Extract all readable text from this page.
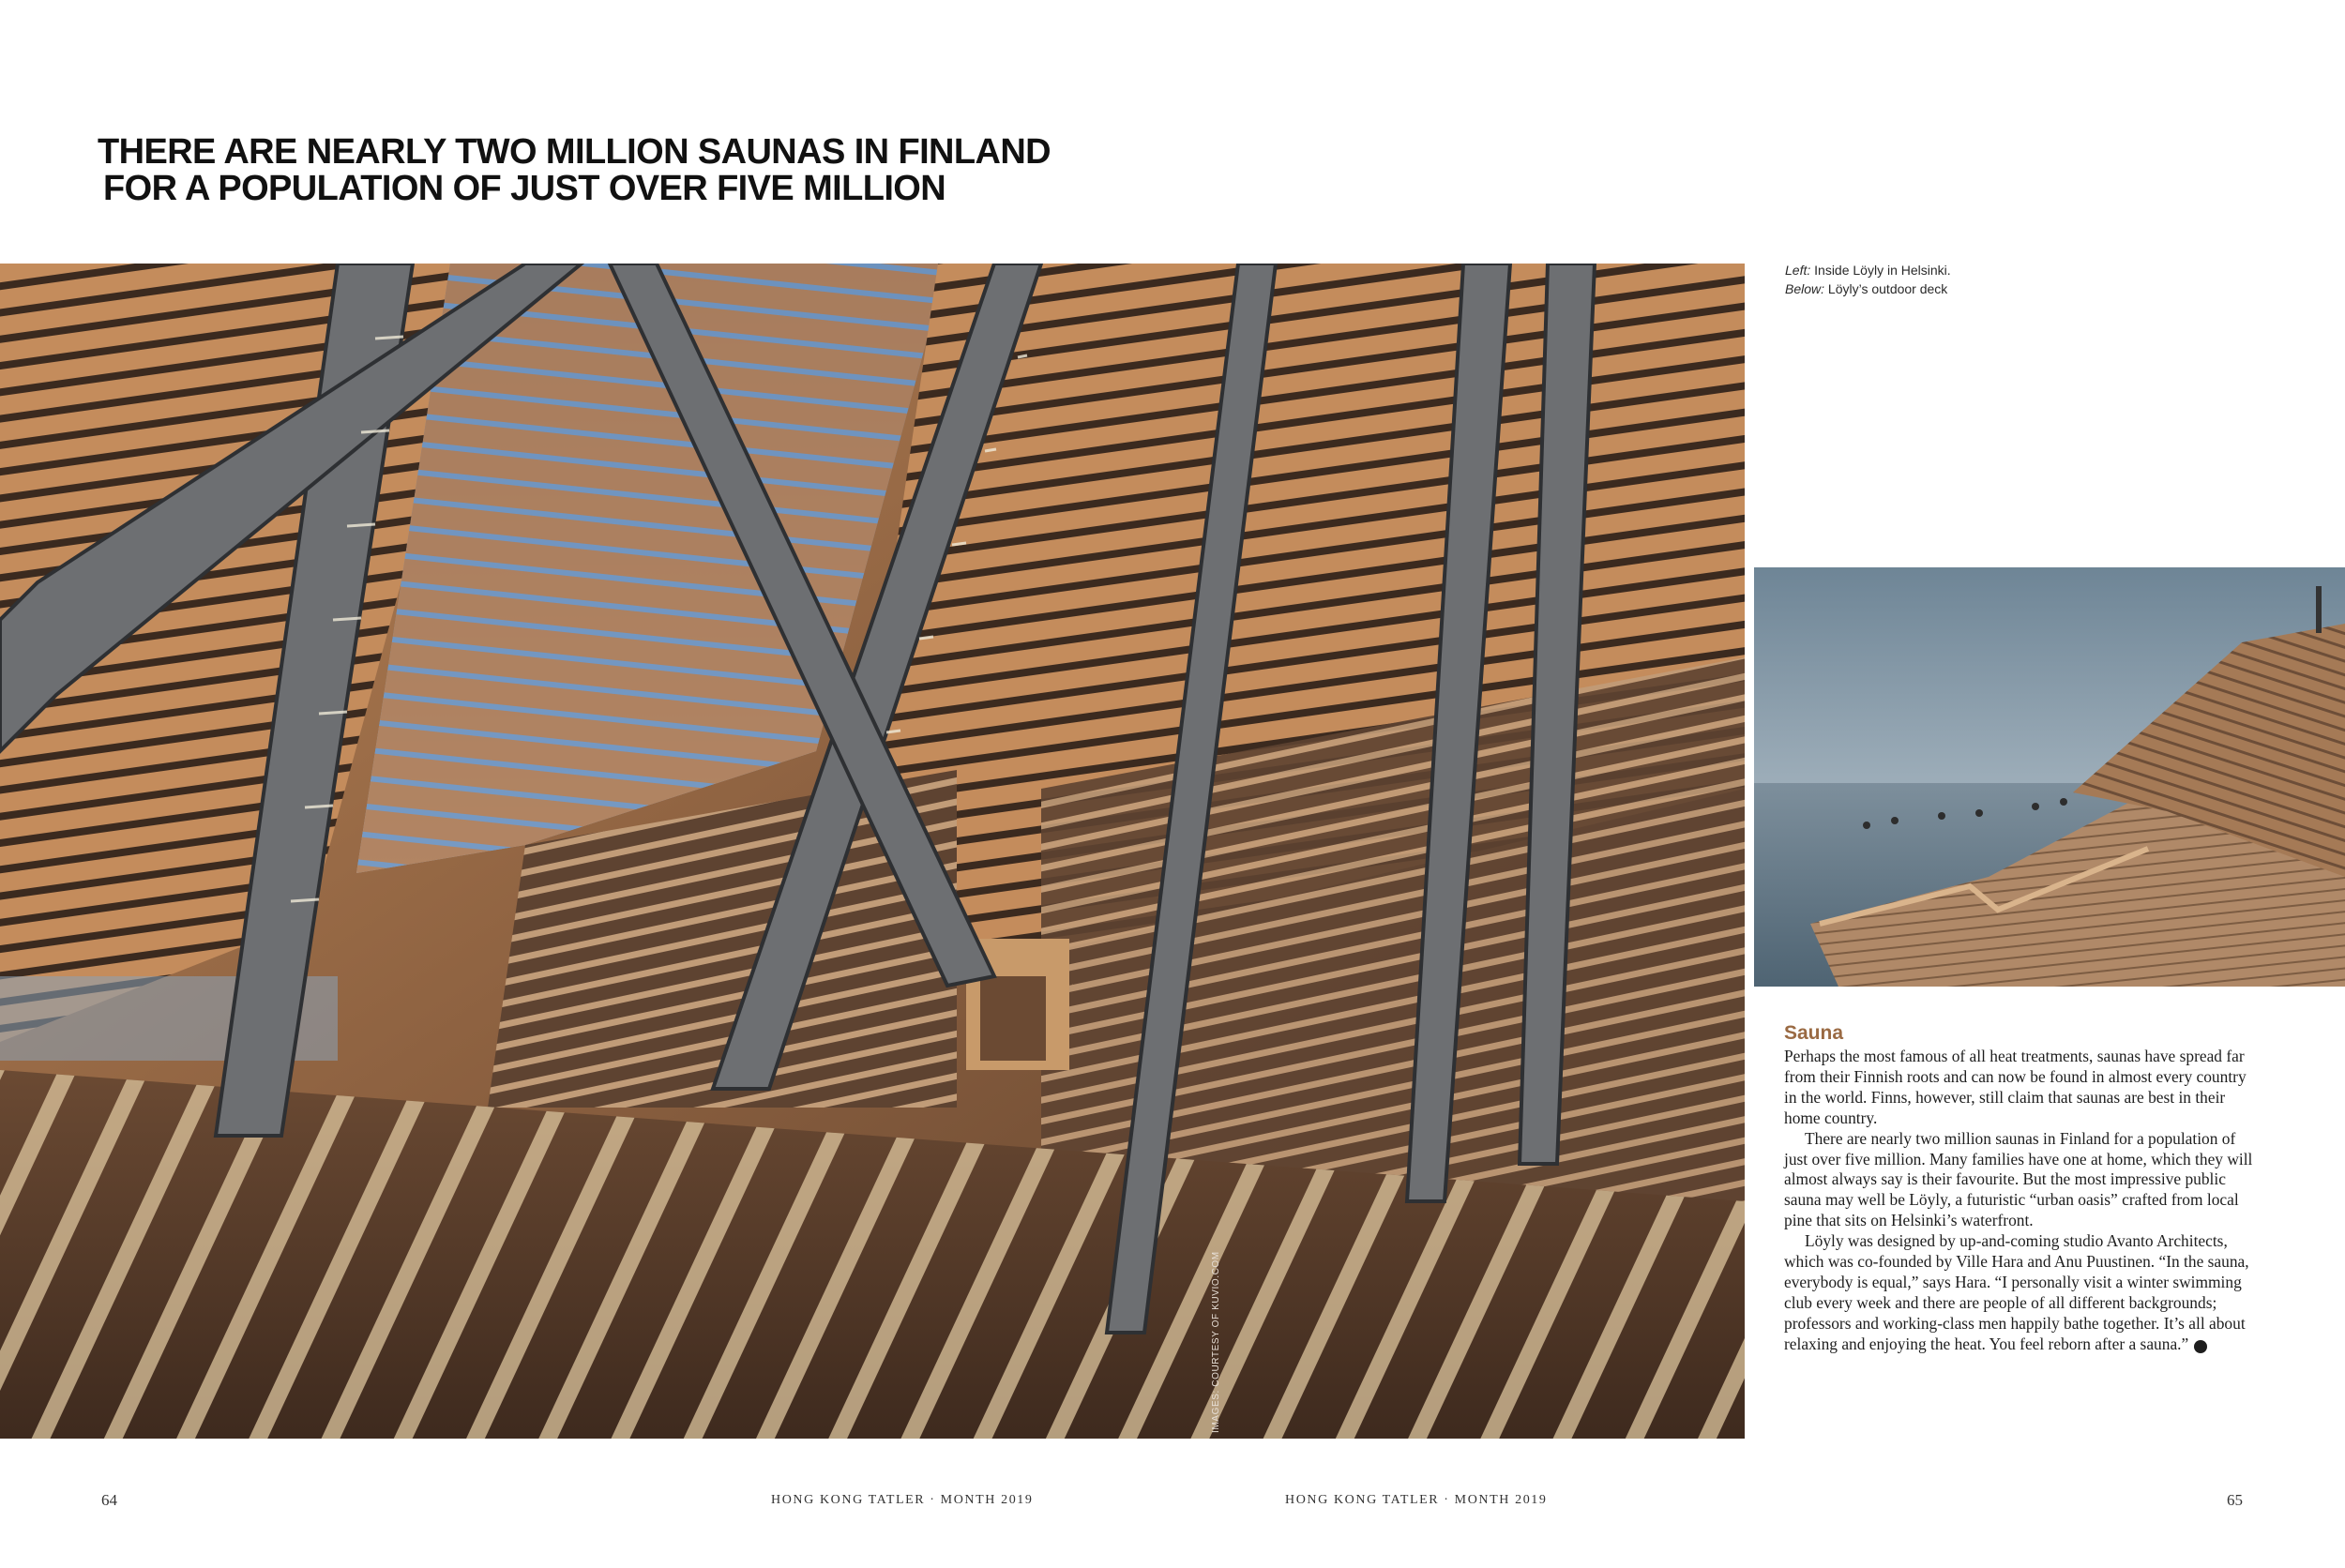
THERE ARE NEARLY TWO MILLION SAUNAS IN FINLAND
FOR A POPULATION OF JUST OVER FIVE MILLION
IMAGES: COURTESY OF KUVIO.COM
Left: Inside Löyly in Helsinki. Below: Löyly’s outdoor deck
Sauna

Perhaps the most famous of all heat treatments, saunas have spread far from their Finnish roots and can now be found in almost every country in the world. Finns, however, still claim that saunas are best in their home country.

There are nearly two million saunas in Finland for a population of just over five million. Many families have one at home, which they will almost always say is their favourite. But the most impressive public sauna may well be Löyly, a futuristic “urban oasis” crafted from local pine that sits on Helsinki’s waterfront.

Löyly was designed by up-and-coming studio Avanto Architects, which was co-founded by Ville Hara and Anu Puustinen. “In the sauna, everybody is equal,” says Hara. “I personally visit a winter swimming club every week and there are people of all different backgrounds; professors and working-class men happily bathe together. It’s all about relaxing and enjoying the heat. You feel reborn after a sauna.”	T

64	HONG KONG TATLER · MONTH 2019	HONG KONG TATLER · MONTH 2019	65
